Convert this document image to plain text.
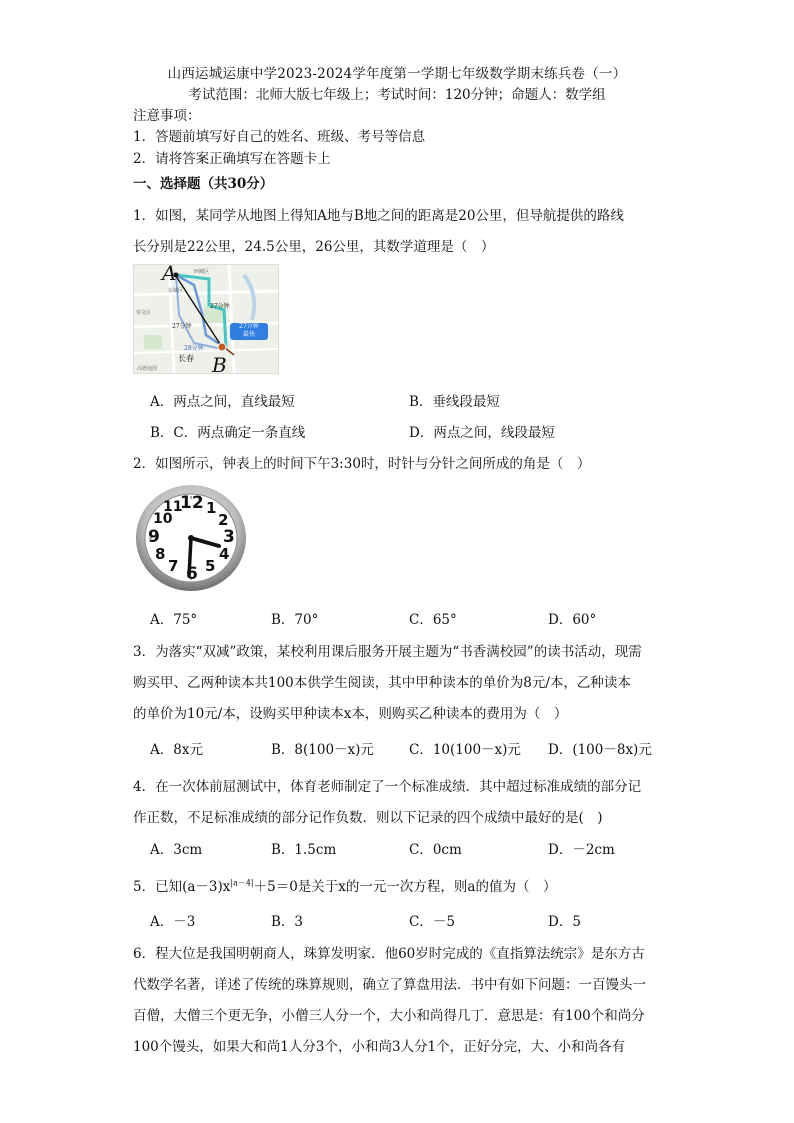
山西运城运康中学2023-2024学年度第一学期七年级数学期末练兵卷（一）
考试范围：北师大版七年级上；考试时间：120分钟；命题人：数学组
注意事项：
1．答题前填写好自己的姓名、班级、考号等信息
2．请将答案正确填写在答题卡上
一、选择题（共30分）
1．如图，某同学从地图上得知A地与B地之间的距离是20公里，但导航提供的路线
长分别是22公里，24.5公里，26公里，其数学道理是（　）
A
B
西城区
东城区
崇文区
长春
27分钟
27分钟
28分钟
27分钟
最快
高德地图
A．两点之间，直线最短	B．垂线段最短
B．C．两点确定一条直线	D．两点之间，线段最短
2．如图所示，钟表上的时间下午3:30时，时针与分针之间所成的角是（　）
12
3
6
9
1
2
4
5
7
8
10
11
A．75°	B．70°	C．65°	D．60°
3．为落实“双减”政策，某校利用课后服务开展主题为“书香满校园”的读书活动，现需
购买甲、乙两种读本共100本供学生阅读，其中甲种读本的单价为8元/本，乙种读本
的单价为10元/本，设购买甲种读本x本，则购买乙种读本的费用为（　）
A．8x元	B．8(100－x)元	C．10(100－x)元 D．(100－8x)元
4．在一次体前屈测试中，体育老师制定了一个标准成绩．其中超过标准成绩的部分记
作正数，不足标准成绩的部分记作负数．则以下记录的四个成绩中最好的是(　)
A．3cm	B．1.5cm	C．0cm	D．－2cm
5．已知$(a-3)x^{|a-4|}+5=0$是关于x的一元一次方程，则a的值为（　）
A．－3	B．3	C．－5	D．5
6．程大位是我国明朝商人，珠算发明家．他60岁时完成的《直指算法统宗》是东方古
代数学名著，详述了传统的珠算规则，确立了算盘用法．书中有如下问题：一百馒头一
百僧，大僧三个更无争，小僧三人分一个，大小和尚得几丁．意思是：有100个和尚分
100个馒头，如果大和尚1人分3个，小和尚3人分1个，正好分完，大、小和尚各有
